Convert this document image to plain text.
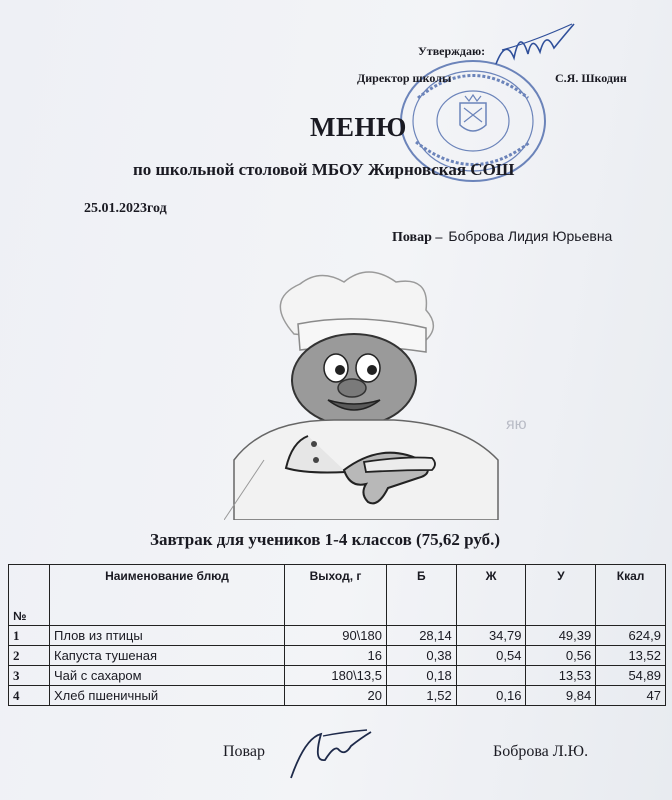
Утверждаю:
Директор школы	С.Я. Шкодин
МЕНЮ
по школьной столовой МБОУ Жирновская СОШ
25.01.2023год
Повар – Боброва Лидия Юрьевна
яю
Завтрак для учеников 1-4 классов (75,62 руб.)
№	Наименование блюд	Выход, г	Б	Ж	У	Ккал
1	Плов из птицы	90\180	28,14	34,79	49,39	624,9
2	Капуста тушеная	16	0,38	0,54	0,56	13,52
3	Чай с сахаром	180\13,5	0,18		13,53	54,89
4	Хлеб пшеничный	20	1,52	0,16	9,84	47
Повар	Боброва Л.Ю.
